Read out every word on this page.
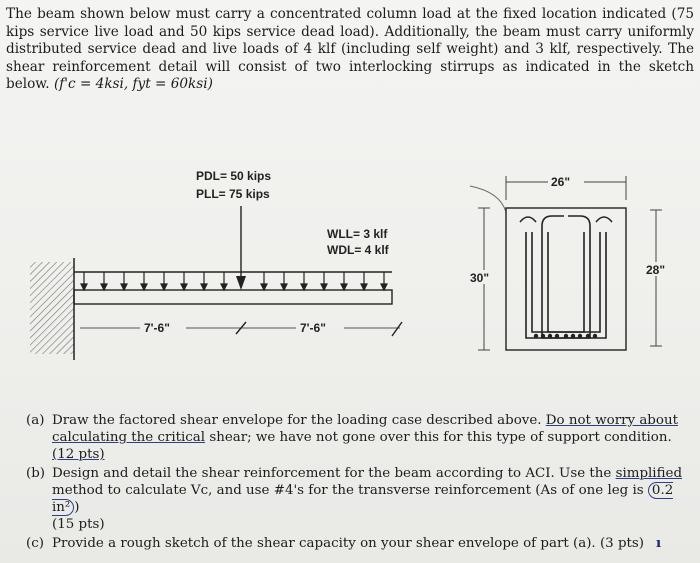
The beam shown below must carry a concentrated column load at the fixed location indicated (75 kips service live load and 50 kips service dead load). Additionally, the beam must carry uniformly distributed service dead and live loads of 4 klf (including self weight) and 3 klf, respectively. The shear reinforcement detail will consist of two interlocking stirrups as indicated in the sketch below. (f'c = 4ksi, fyt = 60ksi)

PDL= 50 kips
PLL= 75 kips
WLL= 3 klf
WDL= 4 klf
7'-6"	7'-6"
26"
30"
28"
(a) Draw the factored shear envelope for the loading case described above. Do not worry about calculating the critical shear; we have not gone over this for this type of support condition. (12 pts)
(b) Design and detail the shear reinforcement for the beam according to ACI. Use the simplified method to calculate Vc, and use #4's for the transverse reinforcement (As of one leg is 0.2 in² )
(15 pts)
(c) Provide a rough sketch of the shear capacity on your shear envelope of part (a). (3 pts) ı
